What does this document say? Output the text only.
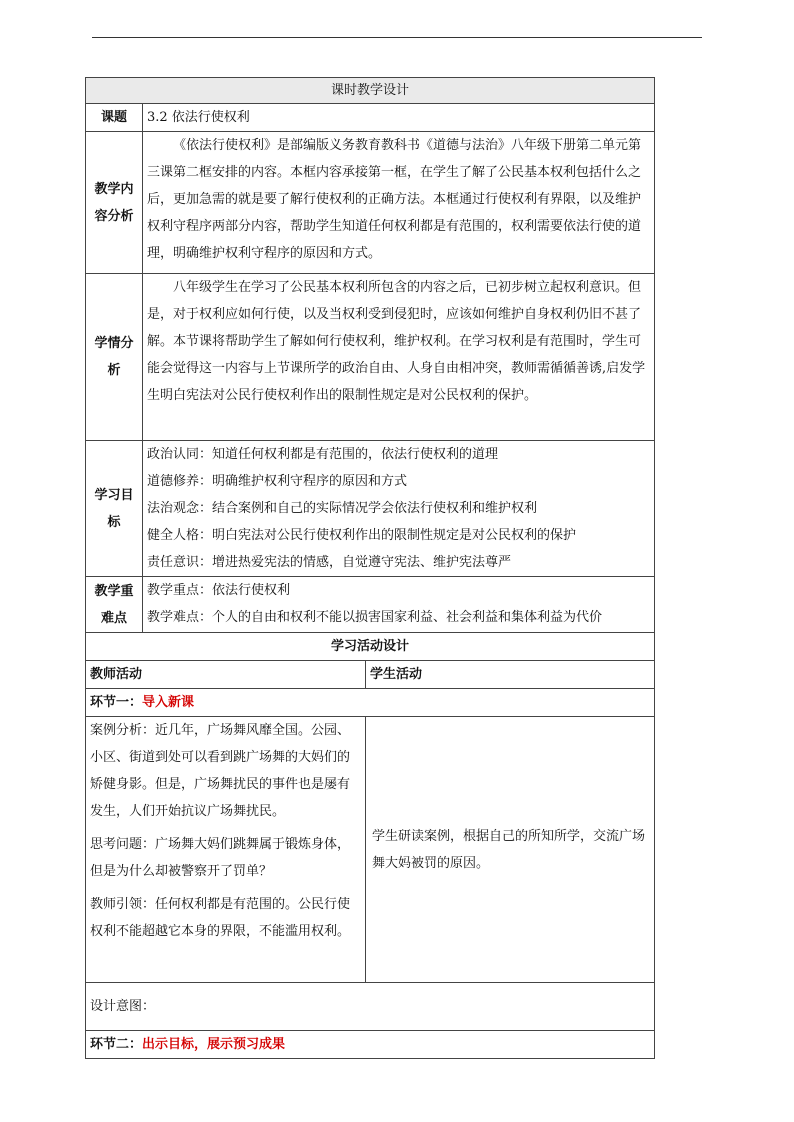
课时教学设计		
课题	3.2 依法行使权利	
教学内容分析	《依法行使权利》是部编版义务教育教科书《道德与法治》八年级下册第二单元第三课第二框安排的内容。本框内容承接第一框，在学生了解了公民基本权利包括什么之后，更加急需的就是要了解行使权利的正确方法。本框通过行使权利有界限，以及维护权利守程序两部分内容，帮助学生知道任何权利都是有范围的，权利需要依法行使的道理，明确维护权利守程序的原因和方式。	
学情分析	八年级学生在学习了公民基本权利所包含的内容之后，已初步树立起权利意识。但是，对于权利应如何行使，以及当权利受到侵犯时，应该如何维护自身权利仍旧不甚了解。本节课将帮助学生了解如何行使权利，维护权利。在学习权利是有范围时，学生可能会觉得这一内容与上节课所学的政治自由、人身自由相冲突，教师需循循善诱,启发学生明白宪法对公民行使权利作出的限制性规定是对公民权利的保护。	
学习目标	政治认同：知道任何权利都是有范围的，依法行使权利的道理
道德修养：明确维护权利守程序的原因和方式
法治观念：结合案例和自己的实际情况学会依法行使权利和维护权利
健全人格：明白宪法对公民行使权利作出的限制性规定是对公民权利的保护
责任意识：增进热爱宪法的情感，自觉遵守宪法、维护宪法尊严	

教学重难点	教学重点：依法行使权利
教学难点：个人的自由和权利不能以损害国家利益、社会利益和集体利益为代价	

学习活动设计		
教师活动		学生活动
环节一：导入新课		

案例分析：近几年，广场舞风靡全国。公园、小区、街道到处可以看到跳广场舞的大妈们的矫健身影。但是，广场舞扰民的事件也是屡有发生，人们开始抗议广场舞扰民。

思考问题：广场舞大妈们跳舞属于锻炼身体，但是为什么却被警察开了罚单？

教师引领：任何权利都是有范围的。公民行使权利不能超越它本身的界限，不能滥用权利。		学生研读案例，根据自己的所知所学，交流广场舞大妈被罚的原因。
设计意图：		
环节二：出示目标，展示预习成果		
